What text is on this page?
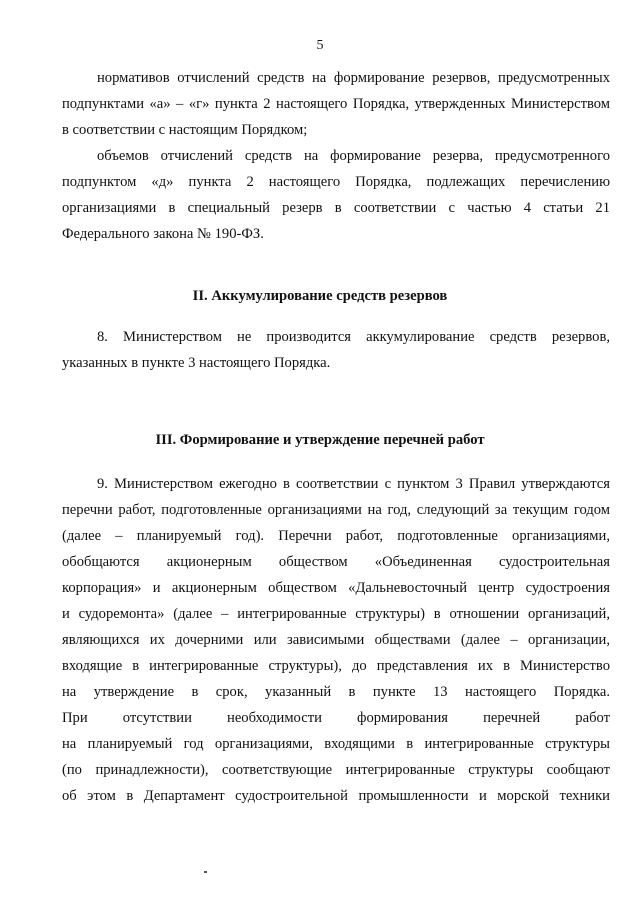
5
нормативов отчислений средств на формирование резервов, предусмотренных
подпунктами «а» – «г» пункта 2 настоящего Порядка, утвержденных Министерством
в соответствии с настоящим Порядком;
объемов отчислений средств на формирование резерва, предусмотренного
подпунктом «д» пункта 2 настоящего Порядка, подлежащих перечислению
организациями в специальный резерв в соответствии с частью 4 статьи 21
Федерального закона № 190-ФЗ.
II. Аккумулирование средств резервов
8. Министерством не производится аккумулирование средств резервов,
указанных в пункте 3 настоящего Порядка.
III. Формирование и утверждение перечней работ
9. Министерством ежегодно в соответствии с пунктом 3 Правил утверждаются
перечни работ, подготовленные организациями на год, следующий за текущим годом
(далее – планируемый год). Перечни работ, подготовленные организациями,
обобщаются акционерным обществом «Объединенная судостроительная
корпорация» и акционерным обществом «Дальневосточный центр судостроения
и судоремонта» (далее – интегрированные структуры) в отношении организаций,
являющихся их дочерними или зависимыми обществами (далее – организации,
входящие в интегрированные структуры), до представления их в Министерство
на утверждение в срок, указанный в пункте 13 настоящего Порядка.
При отсутствии необходимости формирования перечней работ
на планируемый год организациями, входящими в интегрированные структуры
(по принадлежности), соответствующие интегрированные структуры сообщают
об этом в Департамент судостроительной промышленности и морской техники
